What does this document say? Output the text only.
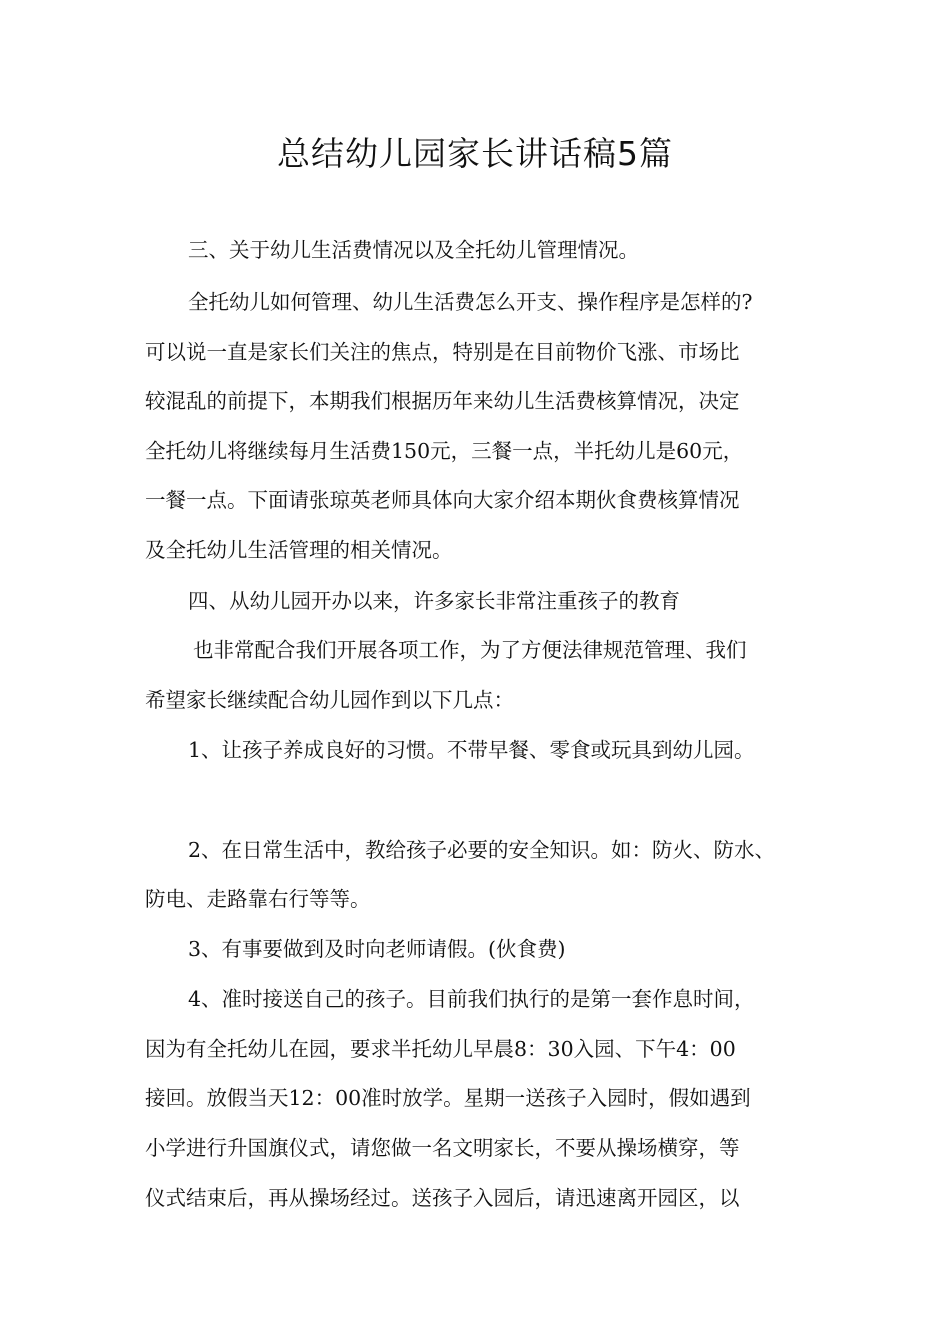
总结幼儿园家长讲话稿5篇
三、关于幼儿生活费情况以及全托幼儿管理情况。
全托幼儿如何管理、幼儿生活费怎么开支、操作程序是怎样的?
可以说一直是家长们关注的焦点，特别是在目前物价飞涨、市场比
较混乱的前提下，本期我们根据历年来幼儿生活费核算情况，决定
全托幼儿将继续每月生活费150元，三餐一点，半托幼儿是60元，
一餐一点。下面请张琼英老师具体向大家介绍本期伙食费核算情况
及全托幼儿生活管理的相关情况。
四、从幼儿园开办以来，许多家长非常注重孩子的教育
也非常配合我们开展各项工作，为了方便法律规范管理、我们
希望家长继续配合幼儿园作到以下几点：
1、让孩子养成良好的习惯。不带早餐、零食或玩具到幼儿园。
2、在日常生活中，教给孩子必要的安全知识。如：防火、防水、
防电、走路靠右行等等。
3、有事要做到及时向老师请假。(伙食费)
4、准时接送自己的孩子。目前我们执行的是第一套作息时间，
因为有全托幼儿在园，要求半托幼儿早晨8：30入园、下午4：00
接回。放假当天12：00准时放学。星期一送孩子入园时，假如遇到
小学进行升国旗仪式，请您做一名文明家长，不要从操场横穿，等
仪式结束后，再从操场经过。送孩子入园后，请迅速离开园区，以
